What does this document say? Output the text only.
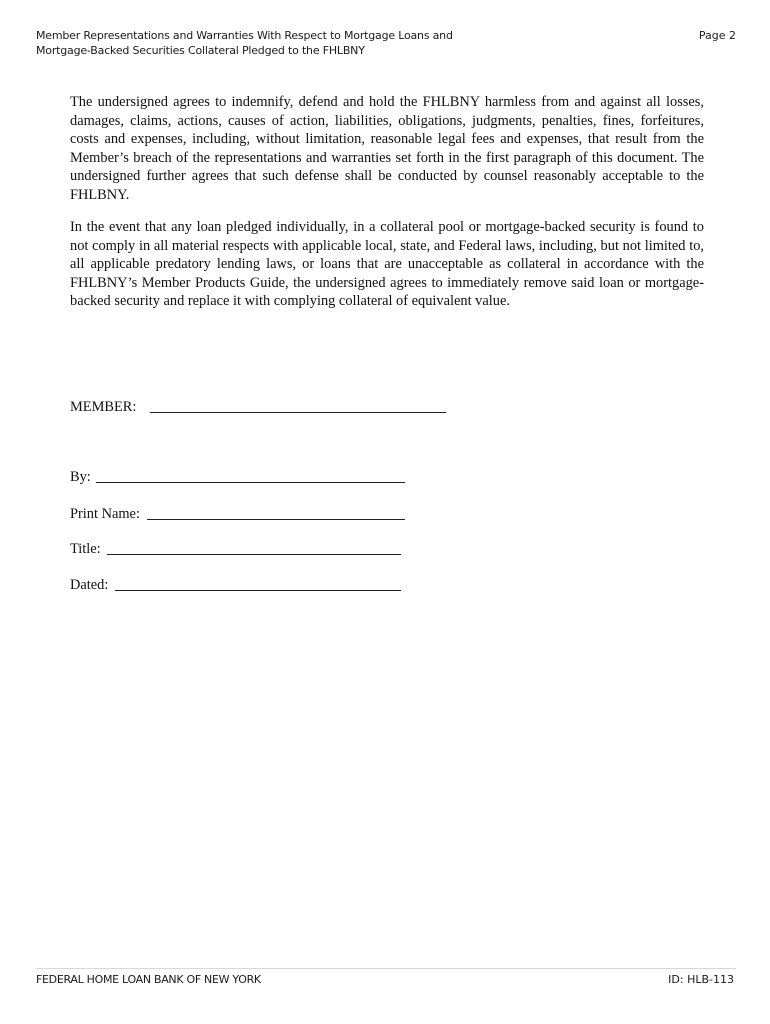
Member Representations and Warranties With Respect to Mortgage Loans and
Mortgage-Backed Securities Collateral Pledged to the FHLBNY
Page 2

The undersigned agrees to indemnify, defend and hold the FHLBNY harmless from and against all losses, damages, claims, actions, causes of action, liabilities, obligations, judgments, penalties, fines, forfeitures, costs and expenses, including, without limitation, reasonable legal fees and expenses, that result from the Member’s breach of the representations and warranties set forth in the first paragraph of this document. The undersigned further agrees that such defense shall be conducted by counsel reasonably acceptable to the FHLBNY.

In the event that any loan pledged individually, in a collateral pool or mortgage-backed security is found to not comply in all material respects with applicable local, state, and Federal laws, including, but not limited to, all applicable predatory lending laws, or loans that are unacceptable as collateral in accordance with the FHLBNY’s Member Products Guide, the undersigned agrees to immediately remove said loan or mortgage-backed security and replace it with complying collateral of equivalent value.

MEMBER:
By:
Print Name:
Title:
Dated:
FEDERAL HOME LOAN BANK OF NEW YORK	ID: HLB-113
